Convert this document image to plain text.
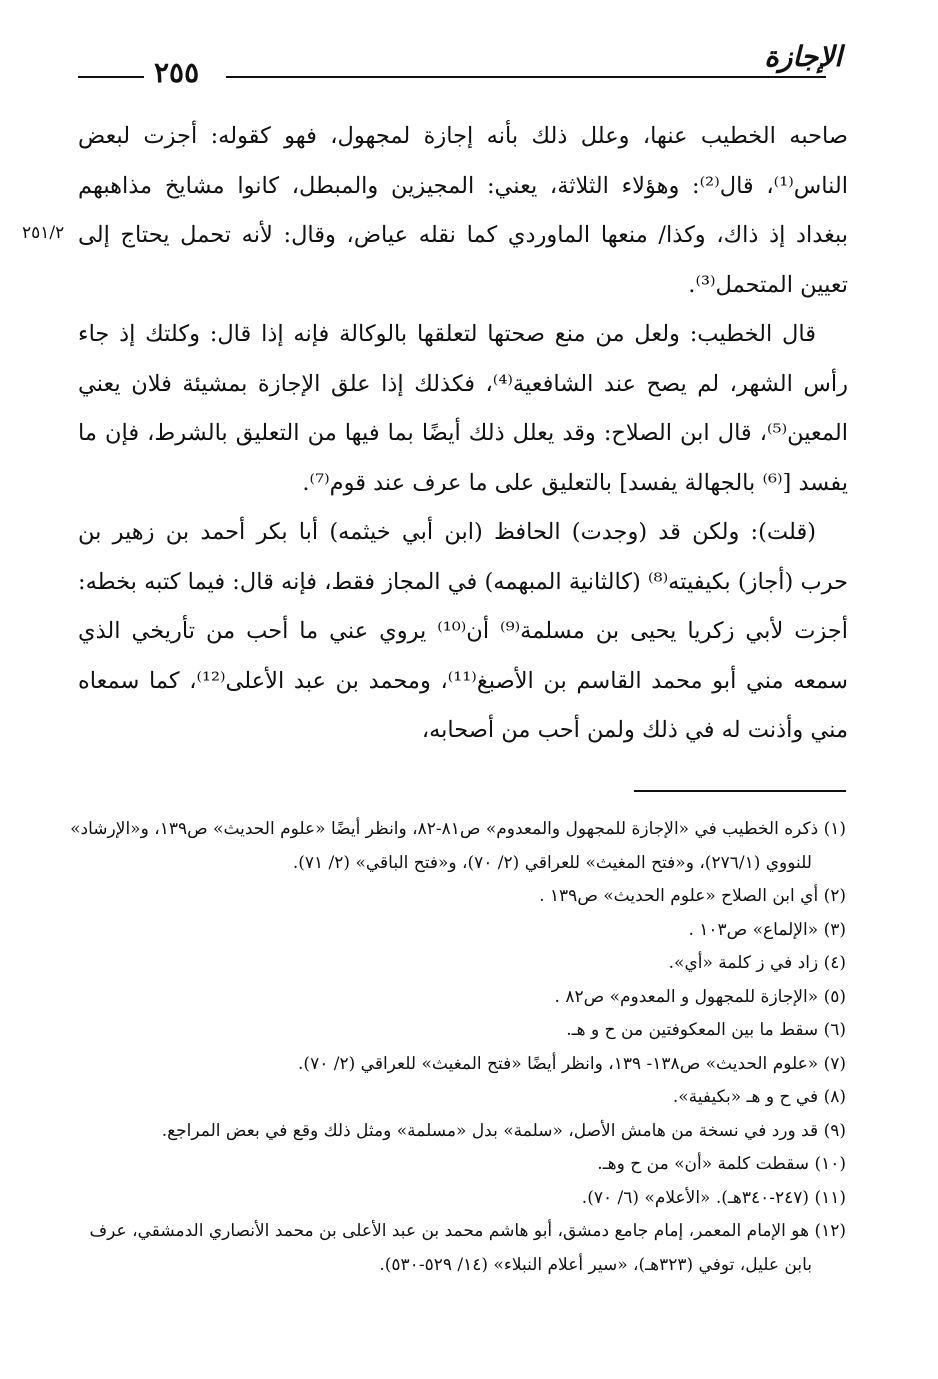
الإجازة
٢٥٥
٢٥١/٢

صاحبه الخطيب عنها، وعلل ذلك بأنه إجازة لمجهول، فهو كقوله: أجزت لبعض الناس⁽¹⁾، قال⁽²⁾: وهؤلاء الثلاثة، يعني: المجيزين والمبطل، كانوا مشايخ مذاهبهم ببغداد إذ ذاك، وكذا/ منعها الماوردي كما نقله عياض، وقال: لأنه تحمل يحتاج إلى تعيين المتحمل⁽³⁾.

قال الخطيب: ولعل من منع صحتها لتعلقها بالوكالة فإنه إذا قال: وكلتك إذ جاء رأس الشهر، لم يصح عند الشافعية⁽⁴⁾، فكذلك إذا علق الإجازة بمشيئة فلان يعني المعين⁽⁵⁾، قال ابن الصلاح: وقد يعلل ذلك أيضًا بما فيها من التعليق بالشرط، فإن ما يفسد [⁽⁶⁾ بالجهالة يفسد] بالتعليق على ما عرف عند قوم⁽⁷⁾.

(قلت): ولكن قد (وجدت) الحافظ (ابن أبي خيثمه) أبا بكر أحمد بن زهير بن حرب (أجاز) بكيفيته⁽⁸⁾ (كالثانية المبهمه) في المجاز فقط، فإنه قال: فيما كتبه بخطه: أجزت لأبي زكريا يحيى بن مسلمة⁽⁹⁾ أن⁽¹⁰⁾ يروي عني ما أحب من تأريخي الذي سمعه مني أبو محمد القاسم بن الأصبغ⁽¹¹⁾، ومحمد بن عبد الأعلى⁽¹²⁾، كما سمعاه مني وأذنت له في ذلك ولمن أحب من أصحابه،

(١) ذكره الخطيب في «الإجازة للمجهول والمعدوم» ص٨١-٨٢، وانظر أيضًا «علوم الحديث» ص١٣٩، و«الإرشاد» للنووي (٢٧٦/١)، و«فتح المغيث» للعراقي (٢/ ٧٠)، و«فتح الباقي» (٢/ ٧١).

(٢) أي ابن الصلاح «علوم الحديث» ص١٣٩ .

(٣) «الإلماع» ص١٠٣ .

(٤) زاد في ز كلمة «أي».

(٥) «الإجازة للمجهول و المعدوم» ص٨٢ .

(٦) سقط ما بين المعكوفتين من ح و هـ.

(٧) «علوم الحديث» ص١٣٨- ١٣٩، وانظر أيضًا «فتح المغيث» للعراقي (٢/ ٧٠).

(٨) في ح و هـ «بكيفية».

(٩) قد ورد في نسخة من هامش الأصل، «سلمة» بدل «مسلمة» ومثل ذلك وقع في بعض المراجع.

(١٠) سقطت كلمة «أن» من ح وهـ.

(١١) (٢٤٧-٣٤٠هـ). «الأعلام» (٦/ ٧٠).

(١٢) هو الإمام المعمر، إمام جامع دمشق، أبو هاشم محمد بن عبد الأعلى بن محمد الأنصاري الدمشقي، عرف بابن عليل، توفي (٣٢٣هـ)، «سير أعلام النبلاء» (١٤/ ٥٢٩-٥٣٠).
